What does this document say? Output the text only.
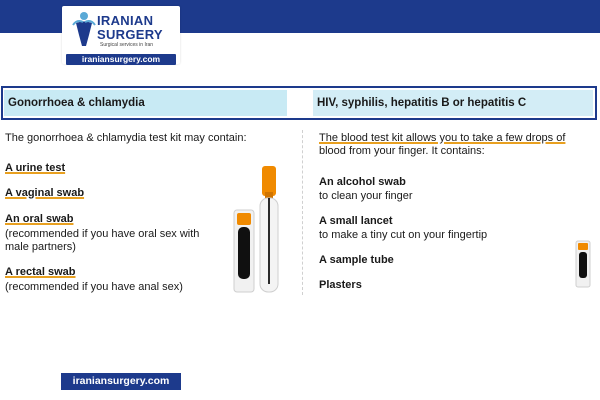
IRANIAN
SURGERY
Surgical services in Iran
iraniansurgery.com
Gonorrhoea & chlamydia	HIV, syphilis, hepatitis B or hepatitis C
The gonorrhoea & chlamydia test kit may contain:
A urine test
A vaginal swab
An oral swab
(recommended if you have oral sex with
male partners)
A rectal swab
(recommended if you have anal sex)
The blood test kit allows you to take a few drops of
blood from your finger. It contains:
An alcohol swab
to clean your finger
A small lancet
to make a tiny cut on your fingertip
A sample tube
Plasters
iraniansurgery.com
